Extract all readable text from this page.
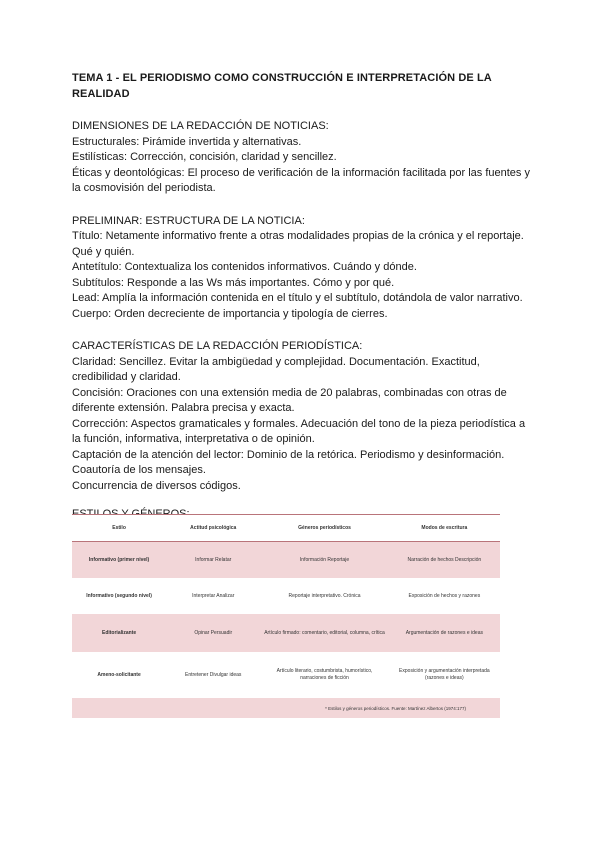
TEMA 1 - EL PERIODISMO COMO CONSTRUCCIÓN E INTERPRETACIÓN DE LA REALIDAD

DIMENSIONES DE LA REDACCIÓN DE NOTICIAS:

Estructurales: Pirámide invertida y alternativas.

Estilísticas: Corrección, concisión, claridad y sencillez.

Éticas y deontológicas: El proceso de verificación de la información facilitada por las fuentes y la cosmovisión del periodista.

PRELIMINAR: ESTRUCTURA DE LA NOTICIA:

Título: Netamente informativo frente a otras modalidades propias de la crónica y el reportaje. Qué y quién.

Antetítulo: Contextualiza los contenidos informativos. Cuándo y dónde.

Subtítulos: Responde a las Ws más importantes. Cómo y por qué.

Lead: Amplía la información contenida en el título y el subtítulo, dotándola de valor narrativo.

Cuerpo: Orden decreciente de importancia y tipología de cierres.

CARACTERÍSTICAS DE LA REDACCIÓN PERIODÍSTICA:

Claridad: Sencillez. Evitar la ambigüedad y complejidad. Documentación. Exactitud, credibilidad y claridad.

Concisión: Oraciones con una extensión media de 20 palabras, combinadas con otras de diferente extensión. Palabra precisa y exacta.

Corrección: Aspectos gramaticales y formales. Adecuación del tono de la pieza periodística a la función, informativa, interpretativa o de opinión.

Captación de la atención del lector: Dominio de la retórica. Periodismo y desinformación.

Coautoría de los mensajes.

Concurrencia de diversos códigos.

Estilo	Actitud psicológica	Géneros periodísticos	Modos de escritura
Informativo (primer nivel)	Informar Relatar	Información Reportaje	Narración de hechos Descripción
Informativo (segundo nivel)	Interpretar Analizar	Reportaje interpretativo. Crónica	Exposición de hechos y razones
Editorializante	Opinar Persuadir	Artículo firmado: comentario, editorial, columna, crítica	Argumentación de razones e ideas
Ameno-solicitante	Entretener Divulgar ideas	Artículo literario, costumbrista, humorístico, narraciones de ficción	Exposición y argumentación interpretada (razones e ideas)
* Estilos y géneros periodísticos. Fuente: Martínez Albertos (1974:177)			
